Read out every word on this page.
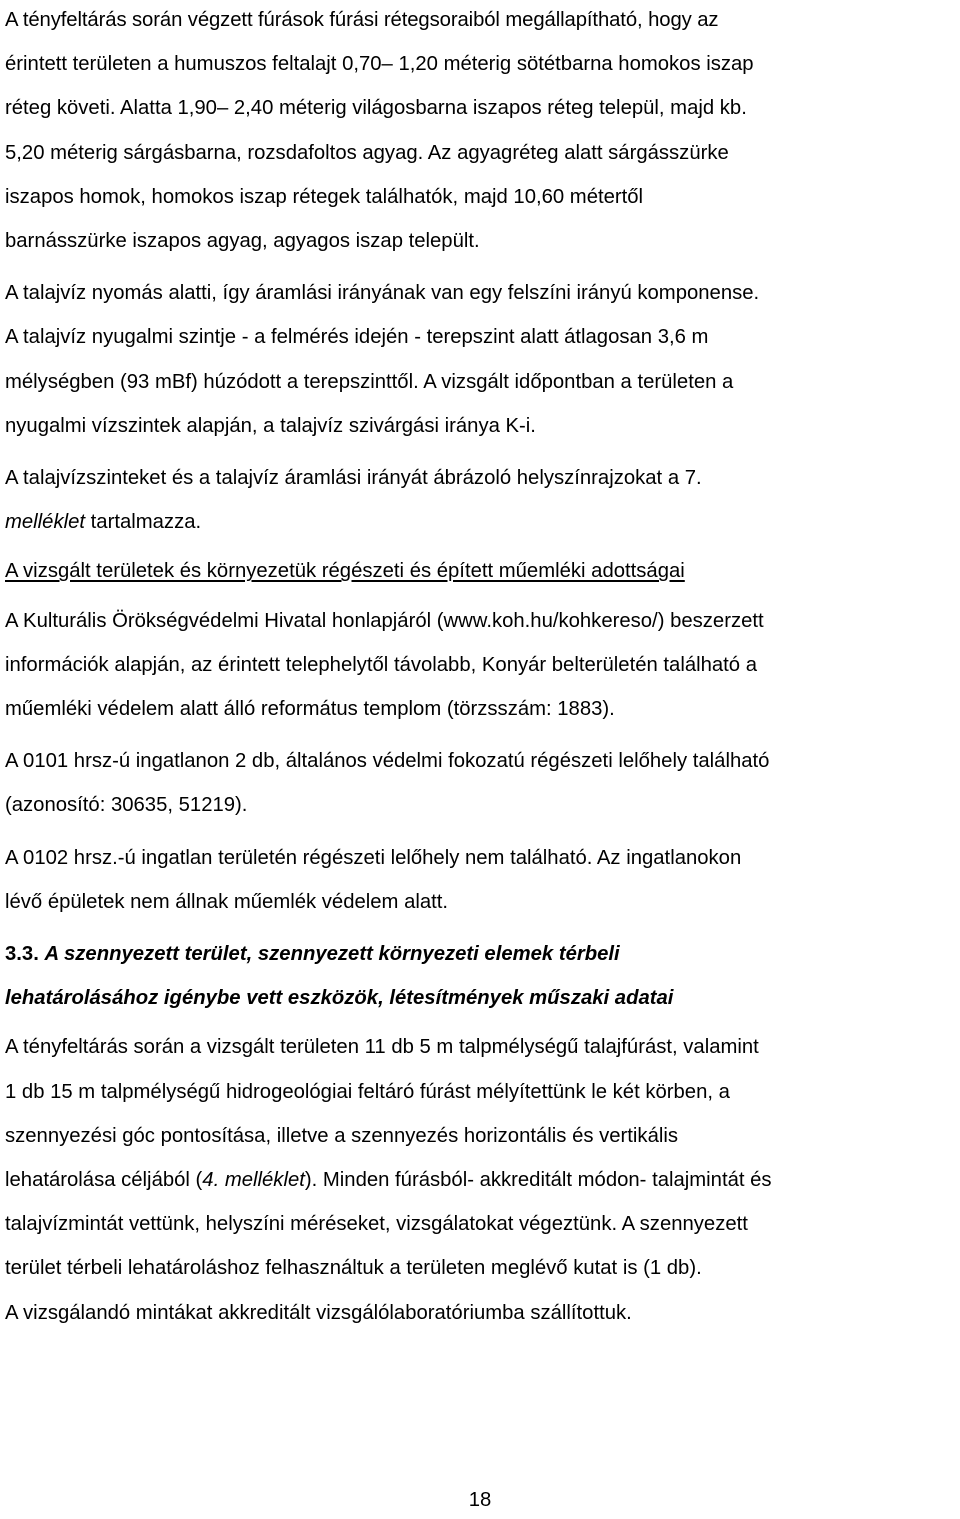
A tényfeltárás során végzett fúrások fúrási rétegsoraiból megállapítható, hogy az
érintett területen a humuszos feltalajt 0,70– 1,20 méterig sötétbarna homokos iszap
réteg követi. Alatta 1,90– 2,40 méterig világosbarna iszapos réteg települ, majd kb.
5,20 méterig sárgásbarna, rozsdafoltos agyag. Az agyagréteg alatt sárgásszürke
iszapos homok, homokos iszap rétegek találhatók, majd 10,60 métertől
barnásszürke iszapos agyag, agyagos iszap települt.

A talajvíz nyomás alatti, így áramlási irányának van egy felszíni irányú komponense.
A talajvíz nyugalmi szintje - a felmérés idején - terepszint alatt átlagosan 3,6 m
mélységben (93 mBf) húzódott a terepszinttől. A vizsgált időpontban a területen a
nyugalmi vízszintek alapján, a talajvíz szivárgási iránya K-i.

A talajvízszinteket és a talajvíz áramlási irányát ábrázoló helyszínrajzokat a 7.
melléklet tartalmazza.

A vizsgált területek és környezetük régészeti és épített műemléki adottságai

A Kulturális Örökségvédelmi Hivatal honlapjáról (www.koh.hu/kohkereso/) beszerzett
információk alapján, az érintett telephelytől távolabb, Konyár belterületén található a
műemléki védelem alatt álló református templom (törzsszám: 1883).

A 0101 hrsz-ú ingatlanon 2 db, általános védelmi fokozatú régészeti lelőhely található
(azonosító: 30635, 51219).

A 0102 hrsz.-ú ingatlan területén régészeti lelőhely nem található. Az ingatlanokon
lévő épületek nem állnak műemlék védelem alatt.

3.3. A szennyezett terület, szennyezett környezeti elemek térbeli
lehatárolásához igénybe vett eszközök, létesítmények műszaki adatai

A tényfeltárás során a vizsgált területen 11 db 5 m talpmélységű talajfúrást, valamint
1 db 15 m talpmélységű hidrogeológiai feltáró fúrást mélyítettünk le két körben, a
szennyezési góc pontosítása, illetve a szennyezés horizontális és vertikális
lehatárolása céljából (4. melléklet). Minden fúrásból- akkreditált módon- talajmintát és
talajvízmintát vettünk, helyszíni méréseket, vizsgálatokat végeztünk. A szennyezett
terület térbeli lehatároláshoz felhasználtuk a területen meglévő kutat is (1 db).
A vizsgálandó mintákat akkreditált vizsgálólaboratóriumba szállítottuk.

18
